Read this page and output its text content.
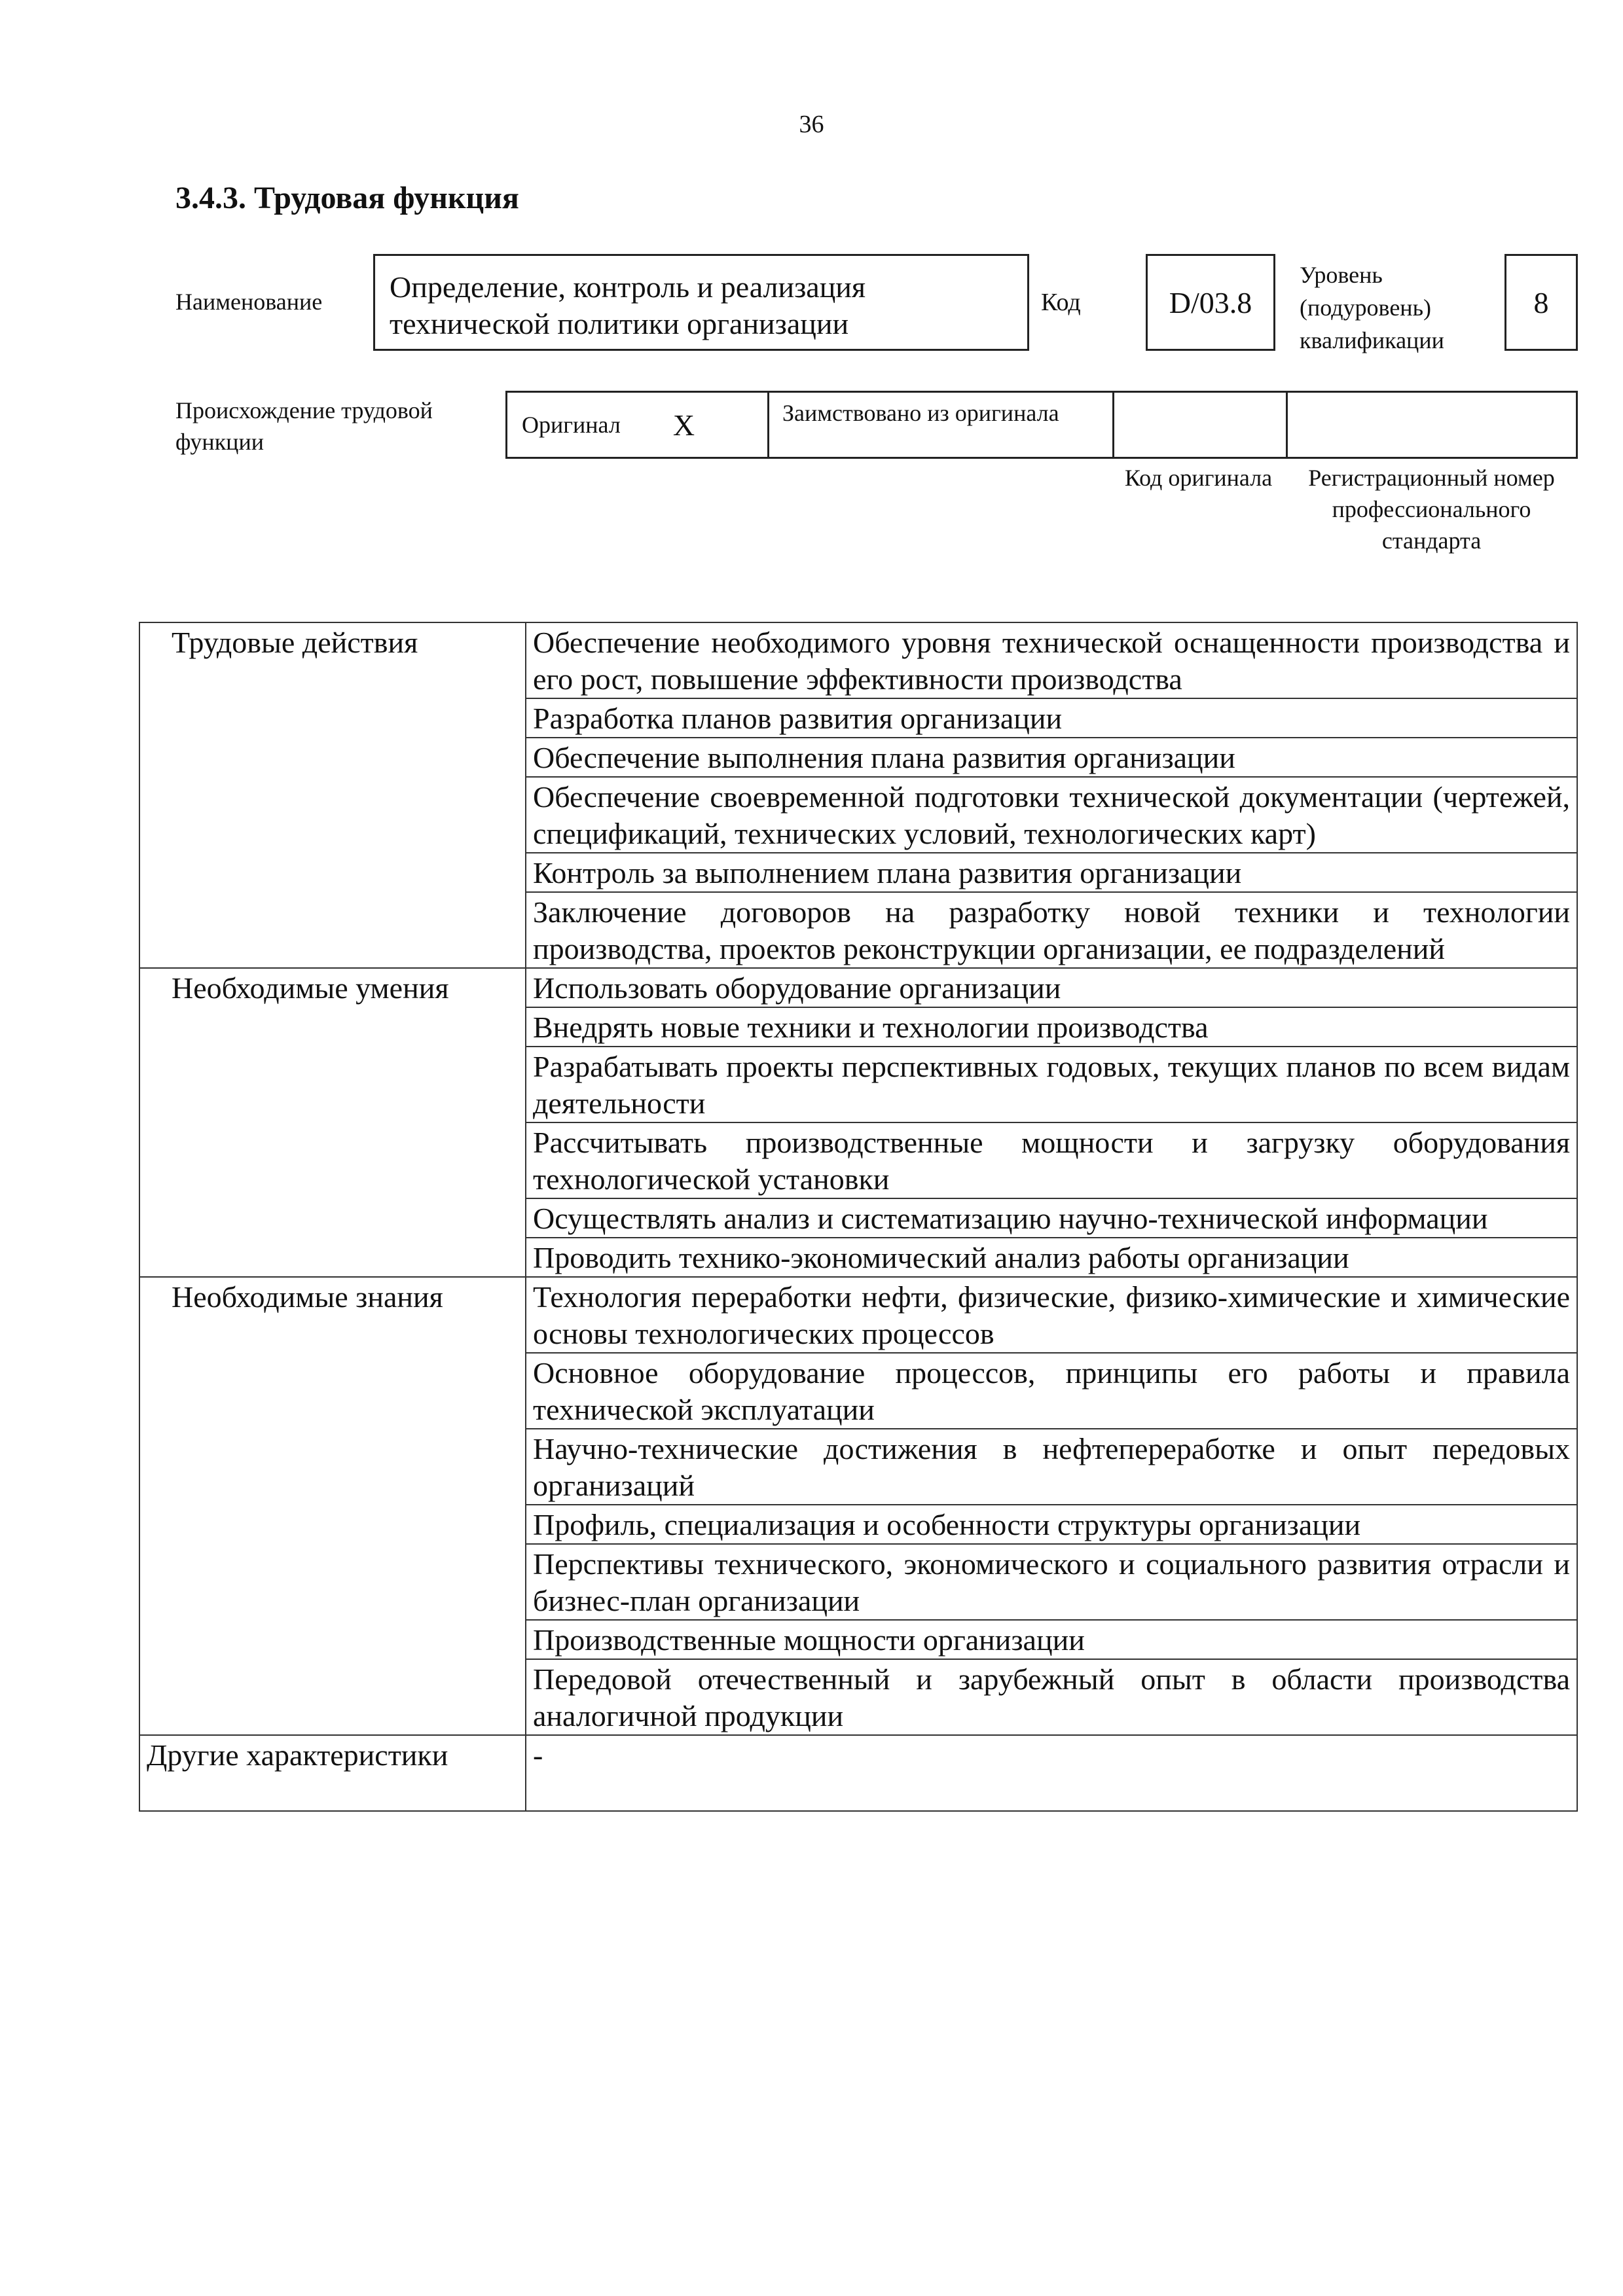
36
3.4.3. Трудовая функция
Наименование	Определение, контроль и реализация технической политики организации
Код	D/03.8
Уровень (подуровень) квалификации
8
Происхождение трудовой функции
Оригинал X	Заимствовано из оригинала
Код оригинала	Регистрационный номер профессионального стандарта
Трудовые действия	Обеспечение необходимого уровня технической оснащенности производства и его рост, повышение эффективности производства
	Разработка планов развития организации
	Обеспечение выполнения плана развития организации
	Обеспечение своевременной подготовки технической документации (чертежей, спецификаций, технических условий, технологических карт)
	Контроль за выполнением плана развития организации
	Заключение договоров на разработку новой техники и технологии производства, проектов реконструкции организации, ее подразделений
Необходимые умения	Использовать оборудование организации
	Внедрять новые техники и технологии производства
	Разрабатывать проекты перспективных годовых, текущих планов по всем видам деятельности
	Рассчитывать производственные мощности и загрузку оборудования технологической установки
	Осуществлять анализ и систематизацию научно-технической информации
	Проводить технико-экономический анализ работы организации
Необходимые знания	Технология переработки нефти, физические, физико-химические и химические основы технологических процессов
	Основное оборудование процессов, принципы его работы и правила технической эксплуатации
	Научно-технические достижения в нефтепереработке и опыт передовых организаций
	Профиль, специализация и особенности структуры организации
	Перспективы технического, экономического и социального развития отрасли и бизнес-план организации
	Производственные мощности организации
	Передовой отечественный и зарубежный опыт в области производства аналогичной продукции
Другие характеристики	-
